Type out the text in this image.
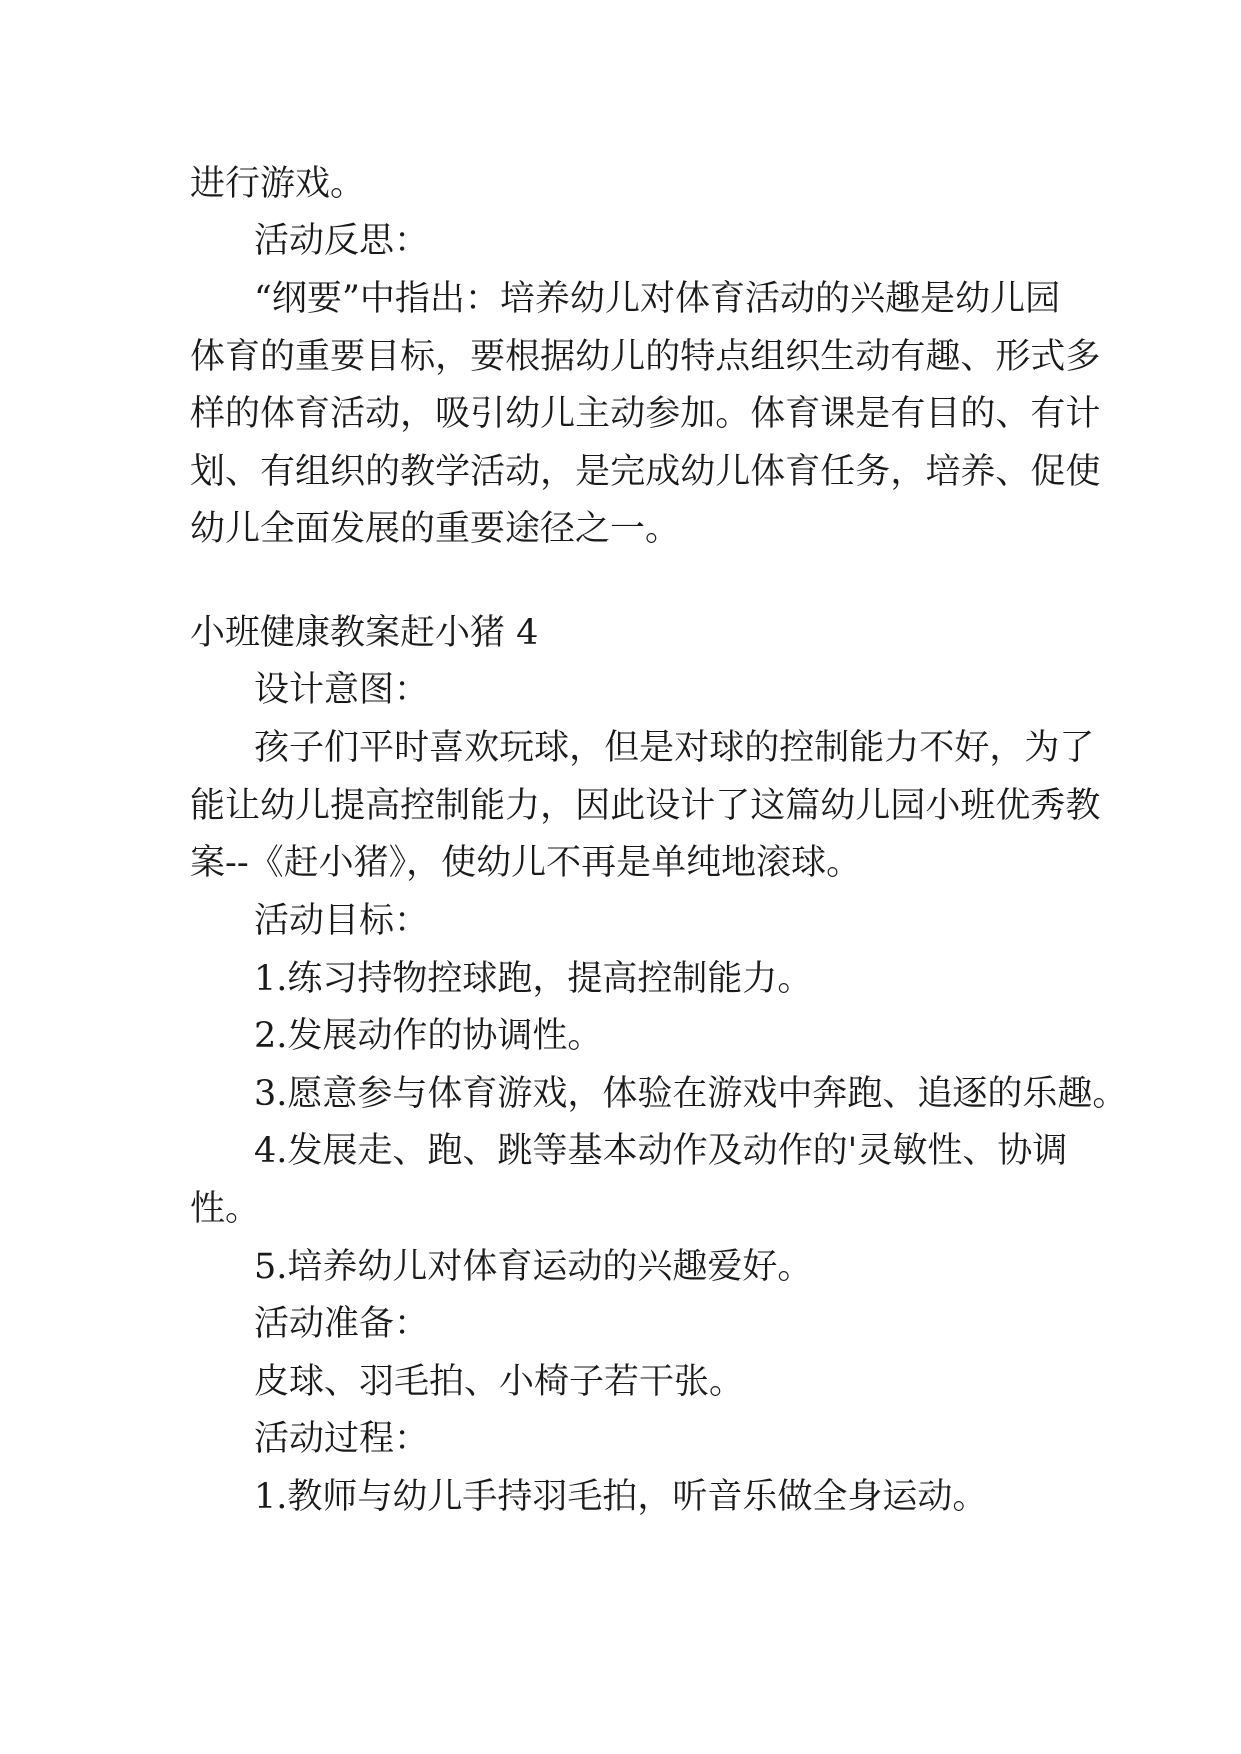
进行游戏。
活动反思：
“ 纲 要 ” 中 指 出 ： 培 养 幼 儿 对 体 育 活 动 的 兴 趣 是 幼 儿 园
体 育 的 重 要 目 标 ， 要 根 据 幼 儿 的 特 点 组 织 生 动 有 趣 、 形 式 多
样 的 体 育 活 动 ， 吸 引 幼 儿 主 动 参 加 。 体 育 课 是 有 目 的 、 有 计
划 、 有 组 织 的 教 学 活 动 ， 是 完 成 幼 儿 体 育 任 务 ， 培 养 、 促 使
幼儿全面发展的重要途径之一。
小班健康教案赶小猪 4
设计意图：
孩 子 们 平 时 喜 欢 玩 球 ， 但 是 对 球 的 控 制 能 力 不 好 ， 为 了
能 让 幼 儿 提 高 控 制 能 力 ， 因 此 设 计 了 这 篇 幼 儿 园 小 班 优 秀 教
案--《赶小猪》，使幼儿不再是单纯地滚球。
活动目标：
1.练习持物控球跑，提高控制能力。
2.发展动作的协调性。
3.愿意参与体育游戏，体验在游戏中奔跑、追逐的乐趣。
4 . 发 展 走 、 跑 、 跳 等 基 本 动 作 及 动 作 的 ' 灵 敏 性 、 协 调
性。
5.培养幼儿对体育运动的兴趣爱好。
活动准备：
皮球、羽毛拍、小椅子若干张。
活动过程：
1.教师与幼儿手持羽毛拍，听音乐做全身运动。
